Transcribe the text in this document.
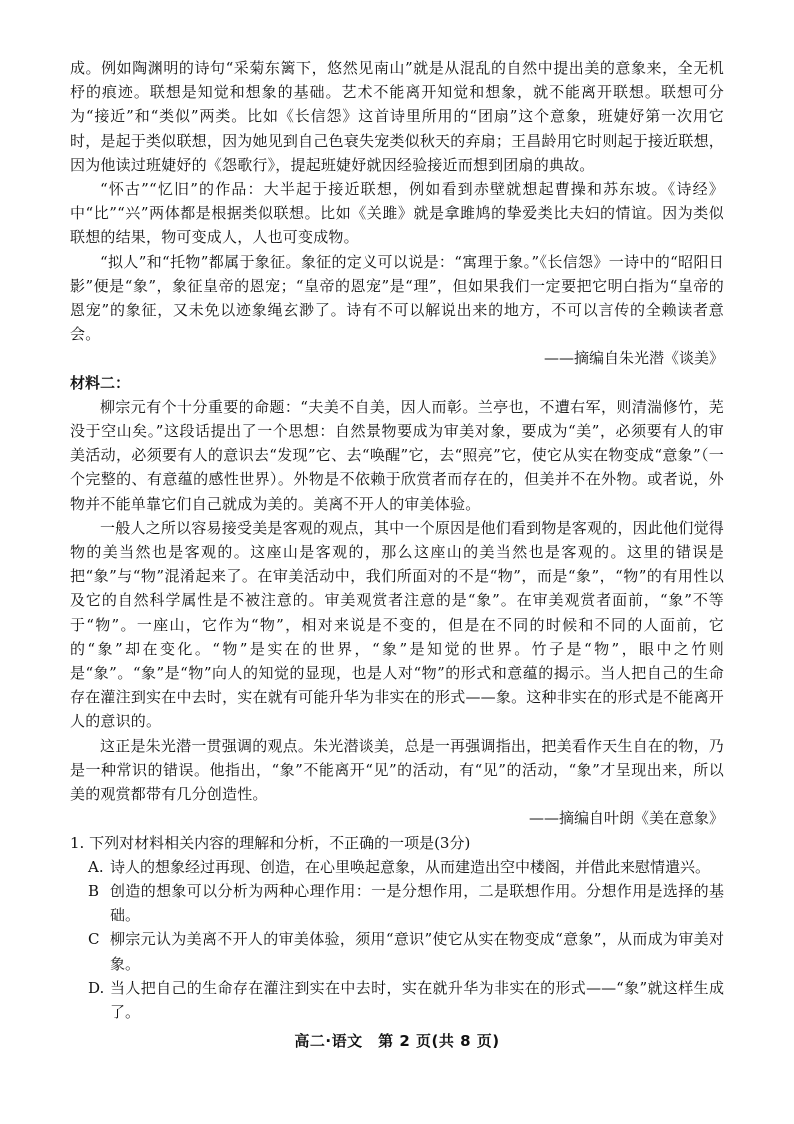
成。例如陶渊明的诗句“采菊东篱下，悠然见南山”就是从混乱的自然中提出美的意象来，全无机杼的痕迹。联想是知觉和想象的基础。艺术不能离开知觉和想象，就不能离开联想。联想可分为“接近”和“类似”两类。比如《长信怨》这首诗里所用的“团扇”这个意象，班婕妤第一次用它时，是起于类似联想，因为她见到自己色衰失宠类似秋天的弃扇；王昌龄用它时则起于接近联想，因为他读过班婕妤的《怨歌行》，提起班婕妤就因经验接近而想到团扇的典故。

“怀古”“忆旧”的作品：大半起于接近联想，例如看到赤壁就想起曹操和苏东坡。《诗经》中“比”“兴”两体都是根据类似联想。比如《关雎》就是拿雎鸠的挚爱类比夫妇的情谊。因为类似联想的结果，物可变成人，人也可变成物。

“拟人”和“托物”都属于象征。象征的定义可以说是：“寓理于象。”《长信怨》一诗中的“昭阳日影”便是“象”，象征皇帝的恩宠；“皇帝的恩宠”是“理”，但如果我们一定要把它明白指为“皇帝的恩宠”的象征，又未免以迹象绳玄渺了。诗有不可以解说出来的地方，不可以言传的全赖读者意会。

——摘编自朱光潜《谈美》

材料二：

柳宗元有个十分重要的命题：“夫美不自美，因人而彰。兰亭也，不遭右军，则清湍修竹，芜没于空山矣。”这段话提出了一个思想：自然景物要成为审美对象，要成为“美”，必须要有人的审美活动，必须要有人的意识去“发现”它、去“唤醒”它，去“照亮”它，使它从实在物变成“意象”（一个完整的、有意蕴的感性世界）。外物是不依赖于欣赏者而存在的，但美并不在外物。或者说，外物并不能单靠它们自己就成为美的。美离不开人的审美体验。

一般人之所以容易接受美是客观的观点，其中一个原因是他们看到物是客观的，因此他们觉得物的美当然也是客观的。这座山是客观的，那么这座山的美当然也是客观的。这里的错误是把“象”与“物”混淆起来了。在审美活动中，我们所面对的不是“物”，而是“象”，“物”的有用性以及它的自然科学属性是不被注意的。审美观赏者注意的是“象”。在审美观赏者面前，“象”不等于“物”。一座山，它作为“物”，相对来说是不变的，但是在不同的时候和不同的人面前，它的“象”却在变化。“物”是实在的世界，“象”是知觉的世界。竹子是“物”，眼中之竹则是“象”。“象”是“物”向人的知觉的显现，也是人对“物”的形式和意蕴的揭示。当人把自己的生命存在灌注到实在中去时，实在就有可能升华为非实在的形式——象。这种非实在的形式是不能离开人的意识的。

这正是朱光潜一贯强调的观点。朱光潜谈美，总是一再强调指出，把美看作天生自在的物，乃是一种常识的错误。他指出，“象”不能离开“见”的活动，有“见”的活动，“象”才呈现出来，所以美的观赏都带有几分创造性。

——摘编自叶朗《美在意象》

1. 下列对材料相关内容的理解和分析，不正确的一项是(3分)

A. 诗人的想象经过再现、创造，在心里唤起意象，从而建造出空中楼阁，并借此来慰情遣兴。
B 创造的想象可以分析为两种心理作用：一是分想作用，二是联想作用。分想作用是选择的基础。
C 柳宗元认为美离不开人的审美体验，须用“意识”使它从实在物变成“意象”，从而成为审美对象。
D. 当人把自己的生命存在灌注到实在中去时，实在就升华为非实在的形式——“象”就这样生成了。
高二·语文　第 2 页(共 8 页)
